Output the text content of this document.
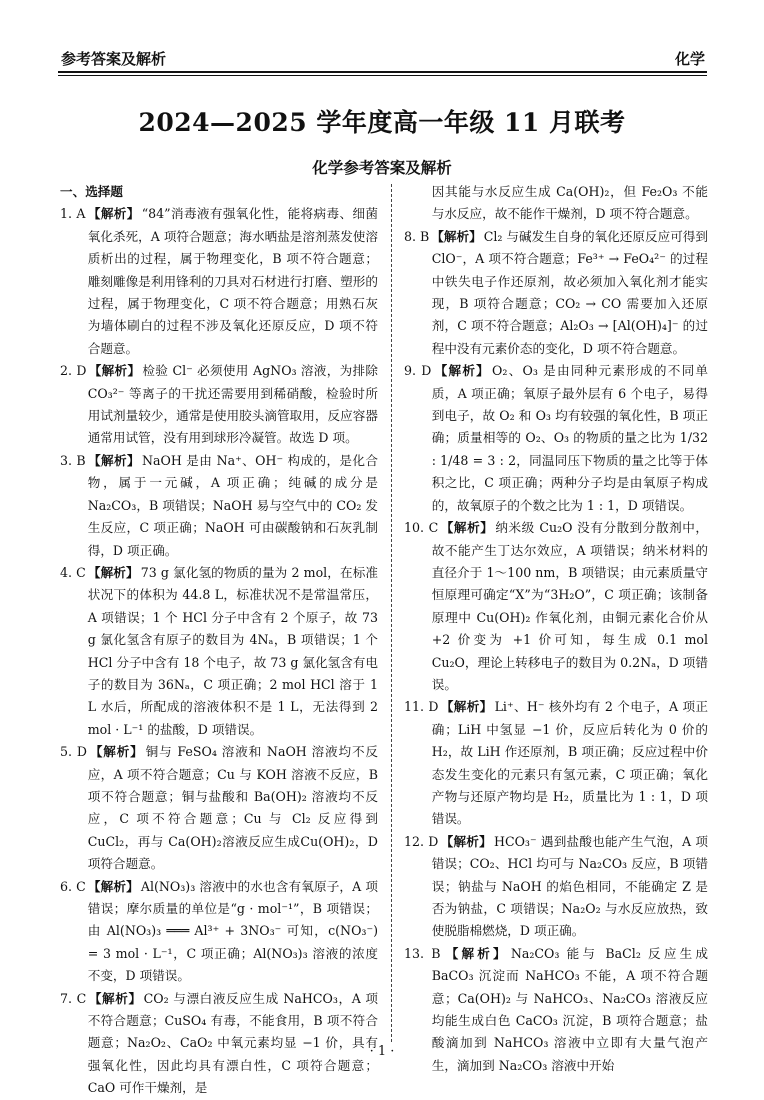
参考答案及解析	化学
2024—2025 学年度高一年级 11 月联考
化学参考答案及解析
一、选择题

1. A 【解析】 “84”消毒液有强氧化性，能将病毒、细菌氧化杀死，A 项符合题意；海水晒盐是溶剂蒸发使溶质析出的过程，属于物理变化，B 项不符合题意；雕刻雕像是利用锋利的刀具对石材进行打磨、塑形的过程，属于物理变化，C 项不符合题意；用熟石灰为墙体刷白的过程不涉及氧化还原反应，D 项不符合题意。

2. D 【解析】 检验 Cl⁻ 必须使用 AgNO₃ 溶液，为排除 CO₃²⁻ 等离子的干扰还需要用到稀硝酸，检验时所用试剂量较少，通常是使用胶头滴管取用，反应容器通常用试管，没有用到球形冷凝管。故选 D 项。

3. B 【解析】 NaOH 是由 Na⁺、OH⁻ 构成的，是化合物，属于一元碱，A 项正确；纯碱的成分是 Na₂CO₃，B 项错误；NaOH 易与空气中的 CO₂ 发生反应，C 项正确；NaOH 可由碳酸钠和石灰乳制得，D 项正确。

4. C 【解析】 73 g 氯化氢的物质的量为 2 mol，在标准状况下的体积为 44.8 L，标准状况不是常温常压，A 项错误；1 个 HCl 分子中含有 2 个原子，故 73 g 氯化氢含有原子的数目为 4Nₐ，B 项错误；1 个 HCl 分子中含有 18 个电子，故 73 g 氯化氢含有电子的数目为 36Nₐ，C 项正确；2 mol HCl 溶于 1 L 水后，所配成的溶液体积不是 1 L，无法得到 2 mol · L⁻¹ 的盐酸，D 项错误。

5. D 【解析】 铜与 FeSO₄ 溶液和 NaOH 溶液均不反应，A 项不符合题意；Cu 与 KOH 溶液不反应，B 项不符合题意；铜与盐酸和 Ba(OH)₂ 溶液均不反应，C 项不符合题意；Cu 与 Cl₂ 反应得到 CuCl₂，再与 Ca(OH)₂溶液反应生成Cu(OH)₂，D 项符合题意。

6. C 【解析】 Al(NO₃)₃ 溶液中的水也含有氧原子，A 项错误；摩尔质量的单位是“g · mol⁻¹”，B 项错误；由 Al(NO₃)₃ ═══ Al³⁺ + 3NO₃⁻ 可知，c(NO₃⁻) = 3 mol · L⁻¹，C 项正确；Al(NO₃)₃ 溶液的浓度不变，D 项错误。

7. C 【解析】 CO₂ 与漂白液反应生成 NaHCO₃，A 项不符合题意；CuSO₄ 有毒，不能食用，B 项不符合题意；Na₂O₂、CaO₂ 中氧元素均显 −1 价，具有强氧化性，因此均具有漂白性，C 项符合题意；CaO 可作干燥剂，是

因其能与水反应生成 Ca(OH)₂，但 Fe₂O₃ 不能与水反应，故不能作干燥剂，D 项不符合题意。

8. B 【解析】 Cl₂ 与碱发生自身的氧化还原反应可得到 ClO⁻，A 项不符合题意；Fe³⁺ → FeO₄²⁻ 的过程中铁失电子作还原剂，故必须加入氧化剂才能实现，B 项符合题意；CO₂ → CO 需要加入还原剂，C 项不符合题意；Al₂O₃ → [Al(OH)₄]⁻ 的过程中没有元素价态的变化，D 项不符合题意。

9. D 【解析】 O₂、O₃ 是由同种元素形成的不同单质，A 项正确；氧原子最外层有 6 个电子，易得到电子，故 O₂ 和 O₃ 均有较强的氧化性，B 项正确；质量相等的 O₂、O₃ 的物质的量之比为 1/32 : 1/48 = 3 : 2，同温同压下物质的量之比等于体积之比，C 项正确；两种分子均是由氧原子构成的，故氧原子的个数之比为 1 : 1，D 项错误。

10. C 【解析】 纳米级 Cu₂O 没有分散到分散剂中，故不能产生丁达尔效应，A 项错误；纳米材料的直径介于 1～100 nm，B 项错误；由元素质量守恒原理可确定“X”为“3H₂O”，C 项正确；该制备原理中 Cu(OH)₂ 作氧化剂，由铜元素化合价从 +2 价变为 +1 价可知，每生成 0.1 mol Cu₂O，理论上转移电子的数目为 0.2Nₐ，D 项错误。

11. D 【解析】 Li⁺、H⁻ 核外均有 2 个电子，A 项正确；LiH 中氢显 −1 价，反应后转化为 0 价的 H₂，故 LiH 作还原剂，B 项正确；反应过程中价态发生变化的元素只有氢元素，C 项正确；氧化产物与还原产物均是 H₂，质量比为 1 : 1，D 项错误。

12. D 【解析】 HCO₃⁻ 遇到盐酸也能产生气泡，A 项错误；CO₂、HCl 均可与 Na₂CO₃ 反应，B 项错误；钠盐与 NaOH 的焰色相同，不能确定 Z 是否为钠盐，C 项错误；Na₂O₂ 与水反应放热，致使脱脂棉燃烧，D 项正确。

13. B 【解析】 Na₂CO₃ 能与 BaCl₂ 反应生成 BaCO₃ 沉淀而 NaHCO₃ 不能，A 项不符合题意；Ca(OH)₂ 与 NaHCO₃、Na₂CO₃ 溶液反应均能生成白色 CaCO₃ 沉淀，B 项符合题意；盐酸滴加到 NaHCO₃ 溶液中立即有大量气泡产生，滴加到 Na₂CO₃ 溶液中开始

· 1 ·
